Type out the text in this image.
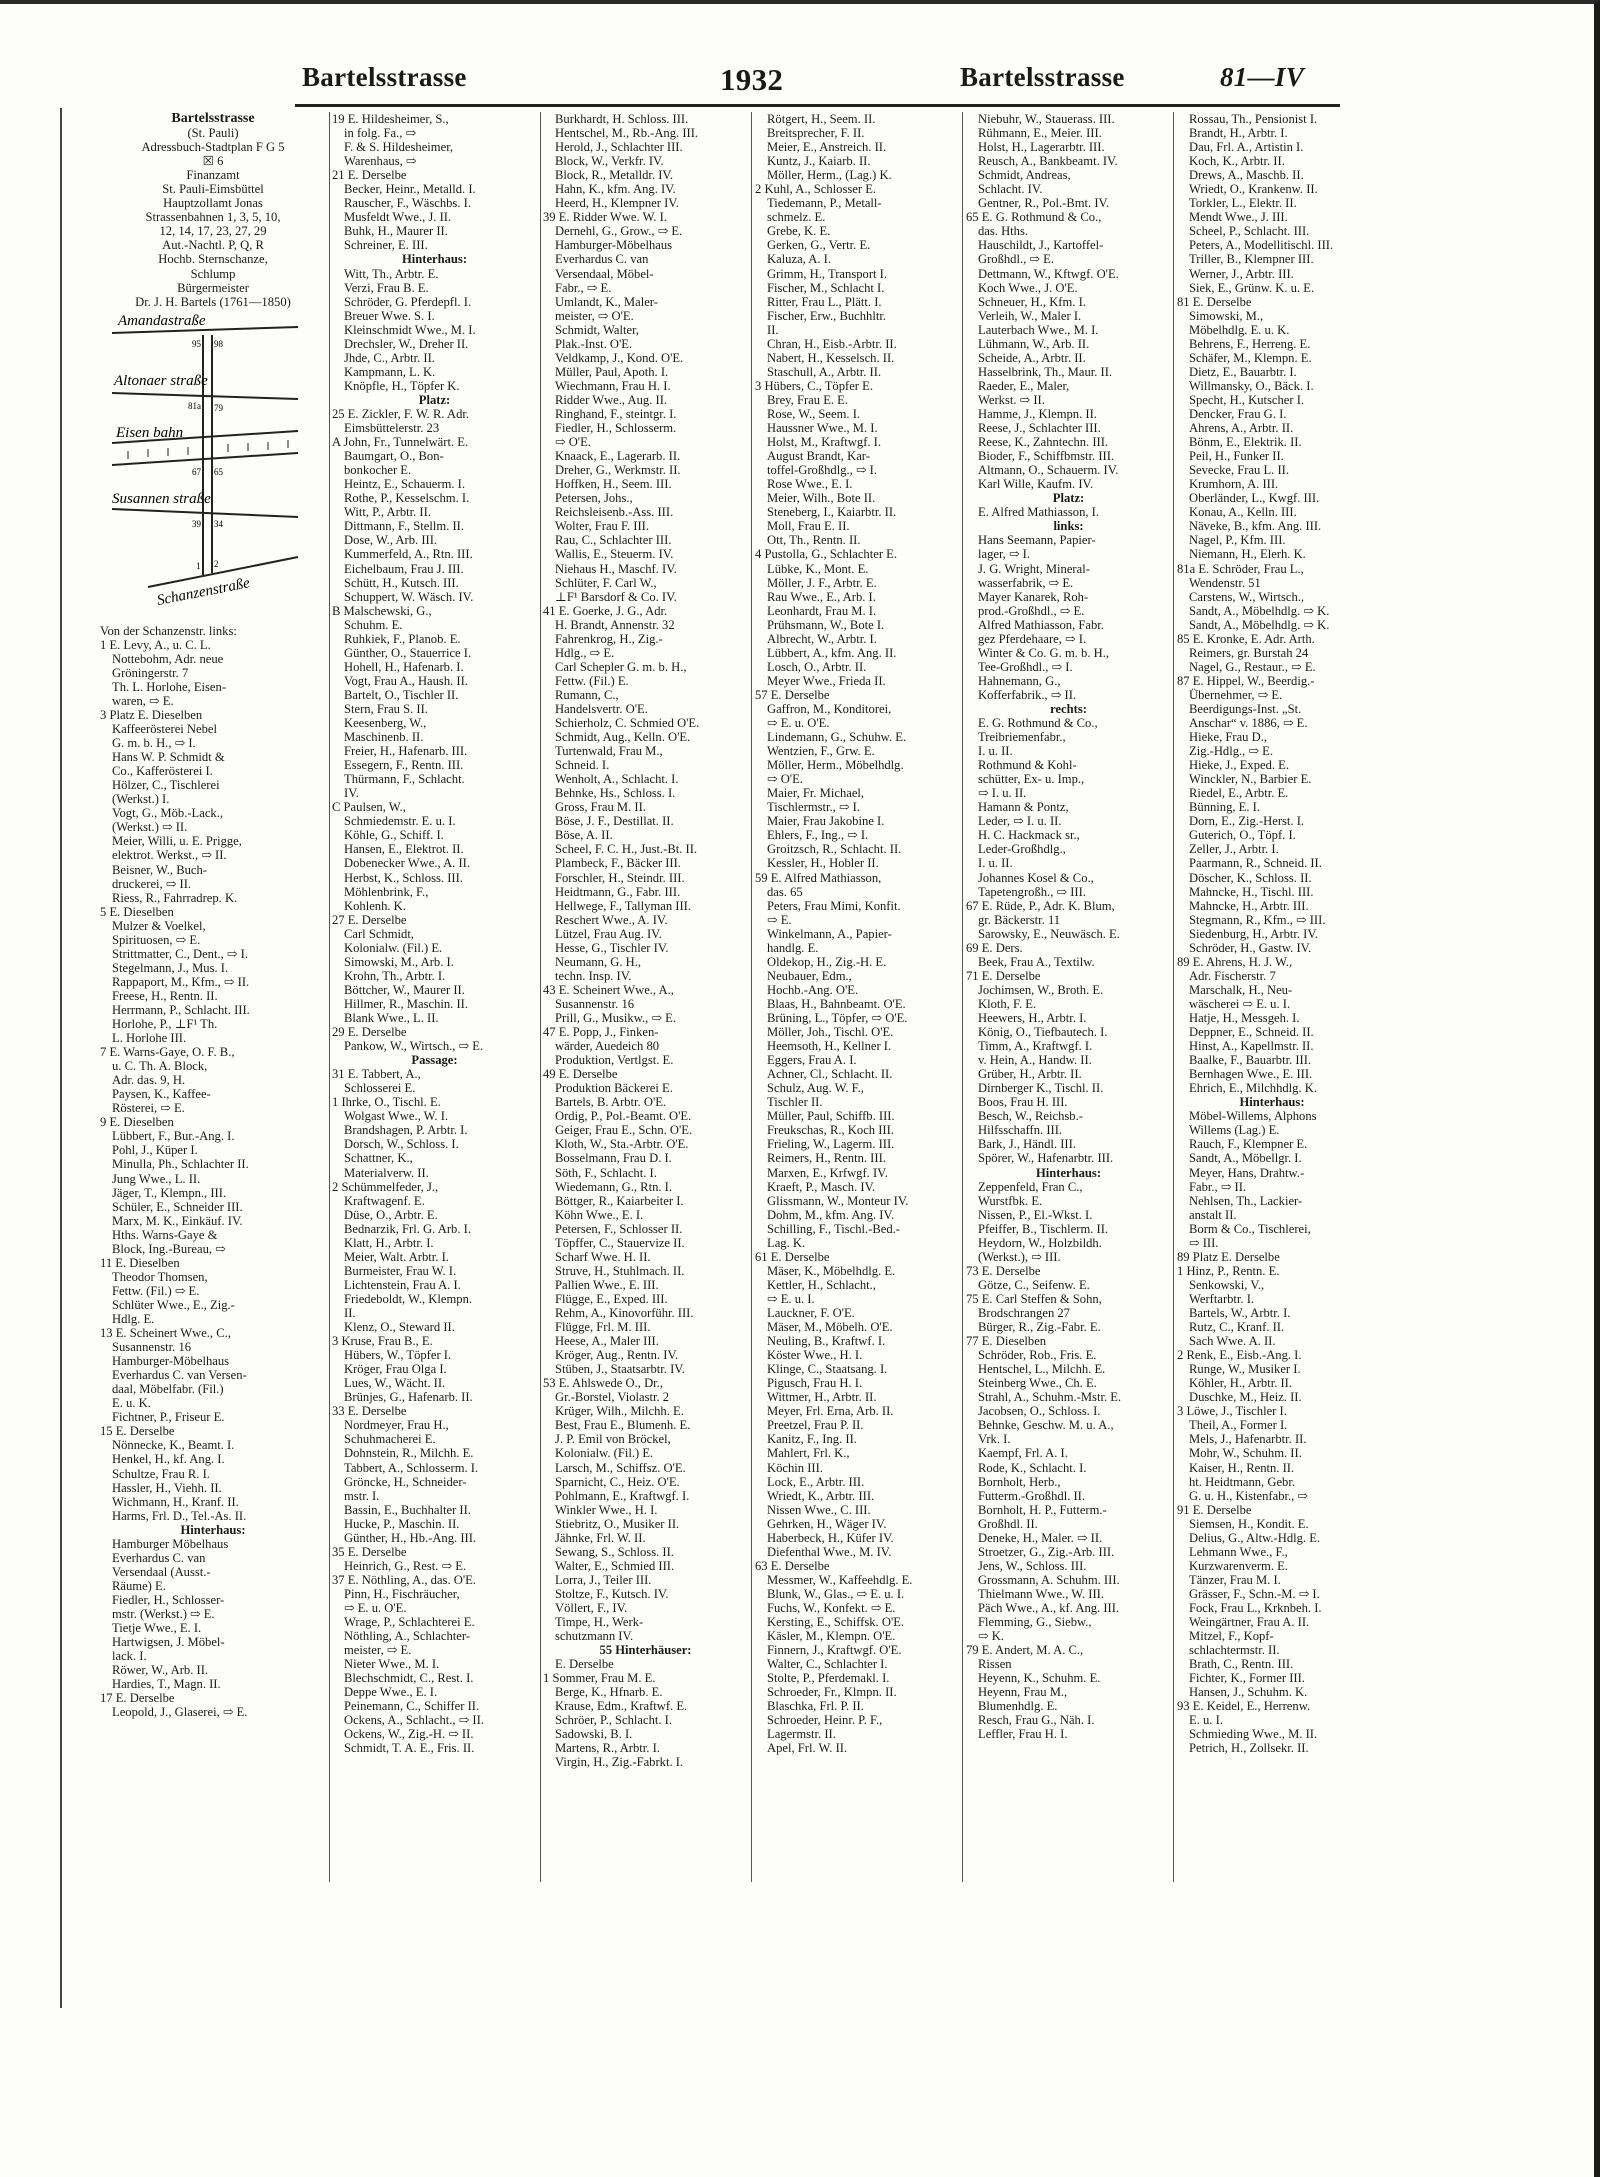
Bartelsstrasse	1932	Bartelsstrasse	81—IV
Bartelsstrasse
(St. Pauli)
Adressbuch-Stadtplan F G 5
☒ 6
Finanzamt
St. Pauli-Eimsbüttel
Hauptzollamt Jonas
Strassenbahnen 1, 3, 5, 10,
12, 14, 17, 23, 27, 29
Aut.-Nachtl. P, Q, R
Hochb. Sternschanze,
Schlump
Bürgermeister
Dr. J. H. Bartels (1761—1850)
Amandastraße
Altonaer straße
Eisen bahn
Susannen straße
Schanzenstraße
95 98
81a 79
67 65
39 34
1 2
Von der Schanzenstr. links:
1 E. Levy, A., u. C. L.
Nottebohm, Adr. neue
Gröningerstr. 7
Th. L. Horlohe, Eisen-
waren, ⇨ E.
3 Platz E. Dieselben
Kaffeerösterei Nebel
G. m. b. H., ⇨ I.
Hans W. P. Schmidt &
Co., Kafferösterei I.
Hölzer, C., Tischlerei
(Werkst.) I.
Vogt, G., Möb.-Lack.,
(Werkst.) ⇨ II.
Meier, Willi, u. E. Prigge,
elektrot. Werkst., ⇨ II.
Beisner, W., Buch-
druckerei, ⇨ II.
Riess, R., Fahrradrep. K.
5 E. Dieselben
Mulzer & Voelkel,
Spirituosen, ⇨ E.
Strittmatter, C., Dent., ⇨ I.
Stegelmann, J., Mus. I.
Rappaport, M., Kfm., ⇨ II.
Freese, H., Rentn. II.
Herrmann, P., Schlacht. III.
Horlohe, P., ⊥F¹ Th.
L. Horlohe III.
7 E. Warns-Gaye, O. F. B.,
u. C. Th. A. Block,
Adr. das. 9, H.
Paysen, K., Kaffee-
Rösterei, ⇨ E.
9 E. Dieselben
Lübbert, F., Bur.-Ang. I.
Pohl, J., Küper I.
Minulla, Ph., Schlachter II.
Jung Wwe., L. II.
Jäger, T., Klempn., III.
Schüler, E., Schneider III.
Marx, M. K., Einkäuf. IV.
Hths. Warns-Gaye &
Block, Ing.-Bureau, ⇨
11 E. Dieselben
Theodor Thomsen,
Fettw. (Fil.) ⇨ E.
Schlüter Wwe., E., Zig.-
Hdlg. E.
13 E. Scheinert Wwe., C.,
Susannenstr. 16
Hamburger-Möbelhaus
Everhardus C. van Versen-
daal, Möbelfabr. (Fil.)
E. u. K.
Fichtner, P., Friseur E.
15 E. Derselbe
Nönnecke, K., Beamt. I.
Henkel, H., kf. Ang. I.
Schultze, Frau R. I.
Hassler, H., Viehh. II.
Wichmann, H., Kranf. II.
Harms, Frl. D., Tel.-As. II.
Hinterhaus:
Hamburger Möbelhaus
Everhardus C. van
Versendaal (Ausst.-
Räume) E.
Fiedler, H., Schlosser-
mstr. (Werkst.) ⇨ E.
Tietje Wwe., E. I.
Hartwigsen, J. Möbel-
lack. I.
Röwer, W., Arb. II.
Hardies, T., Magn. II.
17 E. Derselbe
Leopold, J., Glaserei, ⇨ E.
19 E. Hildesheimer, S.,
in folg. Fa., ⇨
F. & S. Hildesheimer,
Warenhaus, ⇨
21 E. Derselbe
Becker, Heinr., Metalld. I.
Rauscher, F., Wäschbs. I.
Musfeldt Wwe., J. II.
Buhk, H., Maurer II.
Schreiner, E. III.
Hinterhaus:
Witt, Th., Arbtr. E.
Verzi, Frau B. E.
Schröder, G. Pferdepfl. I.
Breuer Wwe. S. I.
Kleinschmidt Wwe., M. I.
Drechsler, W., Dreher II.
Jhde, C., Arbtr. II.
Kampmann, L. K.
Knöpfle, H., Töpfer K.
Platz:
25 E. Zickler, F. W. R. Adr.
Eimsbüttelerstr. 23
A John, Fr., Tunnelwärt. E.
Baumgart, O., Bon-
bonkocher E.
Heintz, E., Schauerm. I.
Rothe, P., Kesselschm. I.
Witt, P., Arbtr. II.
Dittmann, F., Stellm. II.
Dose, W., Arb. III.
Kummerfeld, A., Rtn. III.
Eichelbaum, Frau J. III.
Schütt, H., Kutsch. III.
Schuppert, W. Wäsch. IV.
B Malschewski, G.,
Schuhm. E.
Ruhkiek, F., Planob. E.
Günther, O., Stauerrice I.
Hohell, H., Hafenarb. I.
Vogt, Frau A., Haush. II.
Bartelt, O., Tischler II.
Stern, Frau S. II.
Keesenberg, W.,
Maschinenb. II.
Freier, H., Hafenarb. III.
Essegern, F., Rentn. III.
Thürmann, F., Schlacht.
IV.
C Paulsen, W.,
Schmiedemstr. E. u. I.
Köhle, G., Schiff. I.
Hansen, E., Elektrot. II.
Dobenecker Wwe., A. II.
Herbst, K., Schloss. III.
Möhlenbrink, F.,
Kohlenh. K.
27 E. Derselbe
Carl Schmidt,
Kolonialw. (Fil.) E.
Simowski, M., Arb. I.
Krohn, Th., Arbtr. I.
Böttcher, W., Maurer II.
Hillmer, R., Maschin. II.
Blank Wwe., L. II.
29 E. Derselbe
Pankow, W., Wirtsch., ⇨ E.
Passage:
31 E. Tabbert, A.,
Schlosserei E.
1 Ihrke, O., Tischl. E.
Wolgast Wwe., W. I.
Brandshagen, P. Arbtr. I.
Dorsch, W., Schloss. I.
Schattner, K.,
Materialverw. II.
2 Schümmelfeder, J.,
Kraftwagenf. E.
Düse, O., Arbtr. E.
Bednarzik, Frl. G. Arb. I.
Klatt, H., Arbtr. I.
Meier, Walt. Arbtr. I.
Burmeister, Frau W. I.
Lichtenstein, Frau A. I.
Friedeboldt, W., Klempn.
II.
Klenz, O., Steward II.
3 Kruse, Frau B., E.
Hübers, W., Töpfer I.
Kröger, Frau Olga I.
Lues, W., Wächt. II.
Brünjes, G., Hafenarb. II.
33 E. Derselbe
Nordmeyer, Frau H.,
Schuhmacherei E.
Dohnstein, R., Milchh. E.
Tabbert, A., Schlosserm. I.
Gröncke, H., Schneider-
mstr. I.
Bassin, E., Buchhalter II.
Hucke, P., Maschin. II.
Günther, H., Hb.-Ang. III.
35 E. Derselbe
Heinrich, G., Rest. ⇨ E.
37 E. Nöthling, A., das. O'E.
Pinn, H., Fischräucher,
⇨ E. u. O'E.
Wrage, P., Schlachterei E.
Nöthling, A., Schlachter-
meister, ⇨ E.
Nieter Wwe., M. I.
Blechschmidt, C., Rest. I.
Deppe Wwe., E. I.
Peinemann, C., Schiffer II.
Ockens, A., Schlacht., ⇨ II.
Ockens, W., Zig.-H. ⇨ II.
Schmidt, T. A. E., Fris. II.
Burkhardt, H. Schloss. III.
Hentschel, M., Rb.-Ang. III.
Herold, J., Schlachter III.
Block, W., Verkfr. IV.
Block, R., Metalldr. IV.
Hahn, K., kfm. Ang. IV.
Heerd, H., Klempner IV.
39 E. Ridder Wwe. W. I.
Dernehl, G., Grow., ⇨ E.
Hamburger-Möbelhaus
Everhardus C. van
Versendaal, Möbel-
Fabr., ⇨ E.
Umlandt, K., Maler-
meister, ⇨ O'E.
Schmidt, Walter,
Plak.-Inst. O'E.
Veldkamp, J., Kond. O'E.
Müller, Paul, Apoth. I.
Wiechmann, Frau H. I.
Ridder Wwe., Aug. II.
Ringhand, F., steintgr. I.
Fiedler, H., Schlosserm.
⇨ O'E.
Knaack, E., Lagerarb. II.
Dreher, G., Werkmstr. II.
Hoffken, H., Seem. III.
Petersen, Johs.,
Reichsleisenb.-Ass. III.
Wolter, Frau F. III.
Rau, C., Schlachter III.
Wallis, E., Steuerm. IV.
Niehaus H., Maschf. IV.
Schlüter, F. Carl W.,
⊥F¹ Barsdorf & Co. IV.
41 E. Goerke, J. G., Adr.
H. Brandt, Annenstr. 32
Fahrenkrog, H., Zig.-
Hdlg., ⇨ E.
Carl Schepler G. m. b. H.,
Fettw. (Fil.) E.
Rumann, C.,
Handelsvertr. O'E.
Schierholz, C. Schmied O'E.
Schmidt, Aug., Kelln. O'E.
Turtenwald, Frau M.,
Schneid. I.
Wenholt, A., Schlacht. I.
Behnke, Hs., Schloss. I.
Gross, Frau M. II.
Böse, J. F., Destillat. II.
Böse, A. II.
Scheel, F. C. H., Just.-Bt. II.
Plambeck, F., Bäcker III.
Forschler, H., Steindr. III.
Heidtmann, G., Fabr. III.
Hellwege, F., Tallyman III.
Reschert Wwe., A. IV.
Lützel, Frau Aug. IV.
Hesse, G., Tischler IV.
Neumann, G. H.,
techn. Insp. IV.
43 E. Scheinert Wwe., A.,
Susannenstr. 16
Prill, G., Musikw., ⇨ E.
47 E. Popp, J., Finken-
wärder, Auedeich 80
Produktion, Vertlgst. E.
49 E. Derselbe
Produktion Bäckerei E.
Bartels, B. Arbtr. O'E.
Ordig, P., Pol.-Beamt. O'E.
Geiger, Frau E., Schn. O'E.
Kloth, W., Sta.-Arbtr. O'E.
Bosselmann, Frau D. I.
Söth, F., Schlacht. I.
Wiedemann, G., Rtn. I.
Böttger, R., Kaiarbeiter I.
Köhn Wwe., E. I.
Petersen, F., Schlosser II.
Töpffer, C., Stauervize II.
Scharf Wwe. H. II.
Struve, H., Stuhlmach. II.
Pallien Wwe., E. III.
Flügge, E., Exped. III.
Rehm, A., Kinovorführ. III.
Flügge, Frl. M. III.
Heese, A., Maler III.
Kröger, Aug., Rentn. IV.
Stüben, J., Staatsarbtr. IV.
53 E. Ahlswede O., Dr.,
Gr.-Borstel, Violastr. 2
Krüger, Wilh., Milchh. E.
Best, Frau E., Blumenh. E.
J. P. Emil von Bröckel,
Kolonialw. (Fil.) E.
Larsch, M., Schiffsz. O'E.
Sparnicht, C., Heiz. O'E.
Pohlmann, E., Kraftwgf. I.
Winkler Wwe., H. I.
Stiebritz, O., Musiker II.
Jähnke, Frl. W. II.
Sewang, S., Schloss. II.
Walter, E., Schmied III.
Lorra, J., Teiler III.
Stoltze, F., Kutsch. IV.
Völlert, F., IV.
Timpe, H., Werk-
schutzmann IV.
55 Hinterhäuser:
E. Derselbe
1 Sommer, Frau M. E.
Berge, K., Hfnarb. E.
Krause, Edm., Kraftwf. E.
Schröer, P., Schlacht. I.
Sadowski, B. I.
Martens, R., Arbtr. I.
Virgin, H., Zig.-Fabrkt. I.
Rötgert, H., Seem. II.
Breitsprecher, F. II.
Meier, E., Anstreich. II.
Kuntz, J., Kaiarb. II.
Möller, Herm., (Lag.) K.
2 Kuhl, A., Schlosser E.
Tiedemann, P., Metall-
schmelz. E.
Grebe, K. E.
Gerken, G., Vertr. E.
Kaluza, A. I.
Grimm, H., Transport I.
Fischer, M., Schlacht I.
Ritter, Frau L., Plätt. I.
Fischer, Erw., Buchhltr.
II.
Chran, H., Eisb.-Arbtr. II.
Nabert, H., Kesselsch. II.
Staschull, A., Arbtr. II.
3 Hübers, C., Töpfer E.
Brey, Frau E. E.
Rose, W., Seem. I.
Haussner Wwe., M. I.
Holst, M., Kraftwgf. I.
August Brandt, Kar-
toffel-Großhdlg., ⇨ I.
Rose Wwe., E. I.
Meier, Wilh., Bote II.
Steneberg, I., Kaiarbtr. II.
Moll, Frau E. II.
Ott, Th., Rentn. II.
4 Pustolla, G., Schlachter E.
Lübke, K., Mont. E.
Möller, J. F., Arbtr. E.
Rau Wwe., E., Arb. I.
Leonhardt, Frau M. I.
Prühsmann, W., Bote I.
Albrecht, W., Arbtr. I.
Lübbert, A., kfm. Ang. II.
Losch, O., Arbtr. II.
Meyer Wwe., Frieda II.
57 E. Derselbe
Gaffron, M., Konditorei,
⇨ E. u. O'E.
Lindemann, G., Schuhw. E.
Wentzien, F., Grw. E.
Möller, Herm., Möbelhdlg.
⇨ O'E.
Maier, Fr. Michael,
Tischlermstr., ⇨ I.
Maier, Frau Jakobine I.
Ehlers, F., Ing., ⇨ I.
Groitzsch, R., Schlacht. II.
Kessler, H., Hobler II.
59 E. Alfred Mathiasson,
das. 65
Peters, Frau Mimi, Konfit.
⇨ E.
Winkelmann, A., Papier-
handlg. E.
Oldekop, H., Zig.-H. E.
Neubauer, Edm.,
Hochb.-Ang. O'E.
Blaas, H., Bahnbeamt. O'E.
Brüning, L., Töpfer, ⇨ O'E.
Möller, Joh., Tischl. O'E.
Heemsoth, H., Kellner I.
Eggers, Frau A. I.
Achner, Cl., Schlacht. II.
Schulz, Aug. W. F.,
Tischler II.
Müller, Paul, Schiffb. III.
Freukschas, R., Koch III.
Frieling, W., Lagerm. III.
Reimers, H., Rentn. III.
Marxen, E., Krfwgf. IV.
Kraeft, P., Masch. IV.
Glissmann, W., Monteur IV.
Dohm, M., kfm. Ang. IV.
Schilling, F., Tischl.-Bed.-
Lag. K.
61 E. Derselbe
Mäser, K., Möbelhdlg. E.
Kettler, H., Schlacht.,
⇨ E. u. I.
Lauckner, F. O'E.
Mäser, M., Möbelh. O'E.
Neuling, B., Kraftwf. I.
Köster Wwe., H. I.
Klinge, C., Staatsang. I.
Pigusch, Frau H. I.
Wittmer, H., Arbtr. II.
Meyer, Frl. Erna, Arb. II.
Preetzel, Frau P. II.
Kanitz, F., Ing. II.
Mahlert, Frl. K.,
Köchin III.
Lock, E., Arbtr. III.
Wriedt, K., Arbtr. III.
Nissen Wwe., C. III.
Gehrken, H., Wäger IV.
Haberbeck, H., Küfer IV.
Diefenthal Wwe., M. IV.
63 E. Derselbe
Messmer, W., Kaffeehdlg. E.
Blunk, W., Glas., ⇨ E. u. I.
Fuchs, W., Konfekt. ⇨ E.
Kersting, E., Schiffsk. O'E.
Käsler, M., Klempn. O'E.
Finnern, J., Kraftwgf. O'E.
Walter, C., Schlachter I.
Stolte, P., Pferdemakl. I.
Schroeder, Fr., Klmpn. II.
Blaschka, Frl. P. II.
Schroeder, Heinr. P. F.,
Lagermstr. II.
Apel, Frl. W. II.
Niebuhr, W., Stauerass. III.
Rühmann, E., Meier. III.
Holst, H., Lagerarbtr. III.
Reusch, A., Bankbeamt. IV.
Schmidt, Andreas,
Schlacht. IV.
Gentner, R., Pol.-Bmt. IV.
65 E. G. Rothmund & Co.,
das. Hths.
Hauschildt, J., Kartoffel-
Großhdl., ⇨ E.
Dettmann, W., Kftwgf. O'E.
Koch Wwe., J. O'E.
Schneuer, H., Kfm. I.
Verleih, W., Maler I.
Lauterbach Wwe., M. I.
Lühmann, W., Arb. II.
Scheide, A., Arbtr. II.
Hasselbrink, Th., Maur. II.
Raeder, E., Maler,
Werkst. ⇨ II.
Hamme, J., Klempn. II.
Reese, J., Schlachter III.
Reese, K., Zahntechn. III.
Bioder, F., Schiffbmstr. III.
Altmann, O., Schauerm. IV.
Karl Wille, Kaufm. IV.
Platz:
E. Alfred Mathiasson, I.
links:
Hans Seemann, Papier-
lager, ⇨ I.
J. G. Wright, Mineral-
wasserfabrik, ⇨ E.
Mayer Kanarek, Roh-
prod.-Großhdl., ⇨ E.
Alfred Mathiasson, Fabr.
gez Pferdehaare, ⇨ I.
Winter & Co. G. m. b. H.,
Tee-Großhdl., ⇨ I.
Hahnemann, G.,
Kofferfabrik., ⇨ II.
rechts:
E. G. Rothmund & Co.,
Treibriemenfabr.,
I. u. II.
Rothmund & Kohl-
schütter, Ex- u. Imp.,
⇨ I. u. II.
Hamann & Pontz,
Leder, ⇨ I. u. II.
H. C. Hackmack sr.,
Leder-Großhdlg.,
I. u. II.
Johannes Kosel & Co.,
Tapetengroßh., ⇨ III.
67 E. Rüde, P., Adr. K. Blum,
gr. Bäckerstr. 11
Sarowsky, E., Neuwäsch. E.
69 E. Ders.
Beek, Frau A., Textilw.
71 E. Derselbe
Jochimsen, W., Broth. E.
Kloth, F. E.
Heewers, H., Arbtr. I.
König, O., Tiefbautech. I.
Timm, A., Kraftwgf. I.
v. Hein, A., Handw. II.
Grüber, H., Arbtr. II.
Dirnberger K., Tischl. II.
Boos, Frau H. III.
Besch, W., Reichsb.-
Hilfsschaffn. III.
Bark, J., Händl. III.
Spörer, W., Hafenarbtr. III.
Hinterhaus:
Zeppenfeld, Fran C.,
Wurstfbk. E.
Nissen, P., El.-Wkst. I.
Pfeiffer, B., Tischlerm. II.
Heydorn, W., Holzbildh.
(Werkst.), ⇨ III.
73 E. Derselbe
Götze, C., Seifenw. E.
75 E. Carl Steffen & Sohn,
Brodschrangen 27
Bürger, R., Zig.-Fabr. E.
77 E. Dieselben
Schröder, Rob., Fris. E.
Hentschel, L., Milchh. E.
Steinberg Wwe., Ch. E.
Strahl, A., Schuhm.-Mstr. E.
Jacobsen, O., Schloss. I.
Behnke, Geschw. M. u. A.,
Vrk. I.
Kaempf, Frl. A. I.
Rode, K., Schlacht. I.
Bornholt, Herb.,
Futterm.-Großhdl. II.
Bornholt, H. P., Futterm.-
Großhdl. II.
Deneke, H., Maler. ⇨ II.
Stroetzer, G., Zig.-Arb. III.
Jens, W., Schloss. III.
Grossmann, A. Schuhm. III.
Thielmann Wwe., W. III.
Päch Wwe., A., kf. Ang. III.
Flemming, G., Siebw.,
⇨ K.
79 E. Andert, M. A. C.,
Rissen
Heyenn, K., Schuhm. E.
Heyenn, Frau M.,
Blumenhdlg. E.
Resch, Frau G., Näh. I.
Leffler, Frau H. I.
Rossau, Th., Pensionist I.
Brandt, H., Arbtr. I.
Dau, Frl. A., Artistin I.
Koch, K., Arbtr. II.
Drews, A., Maschb. II.
Wriedt, O., Krankenw. II.
Torkler, L., Elektr. II.
Mendt Wwe., J. III.
Scheel, P., Schlacht. III.
Peters, A., Modellitischl. III.
Triller, B., Klempner III.
Werner, J., Arbtr. III.
Siek, E., Grünw. K. u. E.
81 E. Derselbe
Simowski, M.,
Möbelhdlg. E. u. K.
Behrens, F., Herreng. E.
Schäfer, M., Klempn. E.
Dietz, E., Bauarbtr. I.
Willmansky, O., Bäck. I.
Specht, H., Kutscher I.
Dencker, Frau G. I.
Ahrens, A., Arbtr. II.
Bönm, E., Elektrik. II.
Peil, H., Funker II.
Sevecke, Frau L. II.
Krumhorn, A. III.
Oberländer, L., Kwgf. III.
Konau, A., Kelln. III.
Näveke, B., kfm. Ang. III.
Nagel, P., Kfm. III.
Niemann, H., Elerh. K.
81a E. Schröder, Frau L.,
Wendenstr. 51
Carstens, W., Wirtsch.,
Sandt, A., Möbelhdlg. ⇨ K.
Sandt, A., Möbelhdlg. ⇨ K.
85 E. Kronke, E. Adr. Arth.
Reimers, gr. Burstah 24
Nagel, G., Restaur., ⇨ E.
87 E. Hippel, W., Beerdig.-
Übernehmer, ⇨ E.
Beerdigungs-Inst. „St.
Anschar“ v. 1886, ⇨ E.
Hieke, Frau D.,
Zig.-Hdlg., ⇨ E.
Hieke, J., Exped. E.
Winckler, N., Barbier E.
Riedel, E., Arbtr. E.
Bünning, E. I.
Dorn, E., Zig.-Herst. I.
Guterich, O., Töpf. I.
Zeller, J., Arbtr. I.
Paarmann, R., Schneid. II.
Döscher, K., Schloss. II.
Mahncke, H., Tischl. III.
Mahncke, H., Arbtr. III.
Stegmann, R., Kfm., ⇨ III.
Siedenburg, H., Arbtr. IV.
Schröder, H., Gastw. IV.
89 E. Ahrens, H. J. W.,
Adr. Fischerstr. 7
Marschalk, H., Neu-
wäscherei ⇨ E. u. I.
Hatje, H., Messgeh. I.
Deppner, E., Schneid. II.
Hinst, A., Kapellmstr. II.
Baalke, F., Bauarbtr. III.
Bernhagen Wwe., E. III.
Ehrich, E., Milchhdlg. K.
Hinterhaus:
Möbel-Willems, Alphons
Willems (Lag.) E.
Rauch, F., Klempner E.
Sandt, A., Möbellgr. I.
Meyer, Hans, Drahtw.-
Fabr., ⇨ II.
Nehlsen, Th., Lackier-
anstalt II.
Borm & Co., Tischlerei,
⇨ III.
89 Platz E. Derselbe
1 Hinz, P., Rentn. E.
Senkowski, V.,
Werftarbtr. I.
Bartels, W., Arbtr. I.
Rutz, C., Kranf. II.
Sach Wwe. A. II.
2 Renk, E., Eisb.-Ang. I.
Runge, W., Musiker I.
Köhler, H., Arbtr. II.
Duschke, M., Heiz. II.
3 Löwe, J., Tischler I.
Theil, A., Former I.
Mels, J., Hafenarbtr. II.
Mohr, W., Schuhm. II.
Kaiser, H., Rentn. II.
ht. Heidtmann, Gebr.
G. u. H., Kistenfabr., ⇨
91 E. Derselbe
Siemsen, H., Kondit. E.
Delius, G., Altw.-Hdlg. E.
Lehmann Wwe., F.,
Kurzwarenverm. E.
Tänzer, Frau M. I.
Grässer, F., Schn.-M. ⇨ I.
Fock, Frau L., Krknbeh. I.
Weingärtner, Frau A. II.
Mitzel, F., Kopf-
schlachtermstr. II.
Brath, C., Rentn. III.
Fichter, K., Former III.
Hansen, J., Schuhm. K.
93 E. Keidel, E., Herrenw.
E. u. I.
Schmieding Wwe., M. II.
Petrich, H., Zollsekr. II.
